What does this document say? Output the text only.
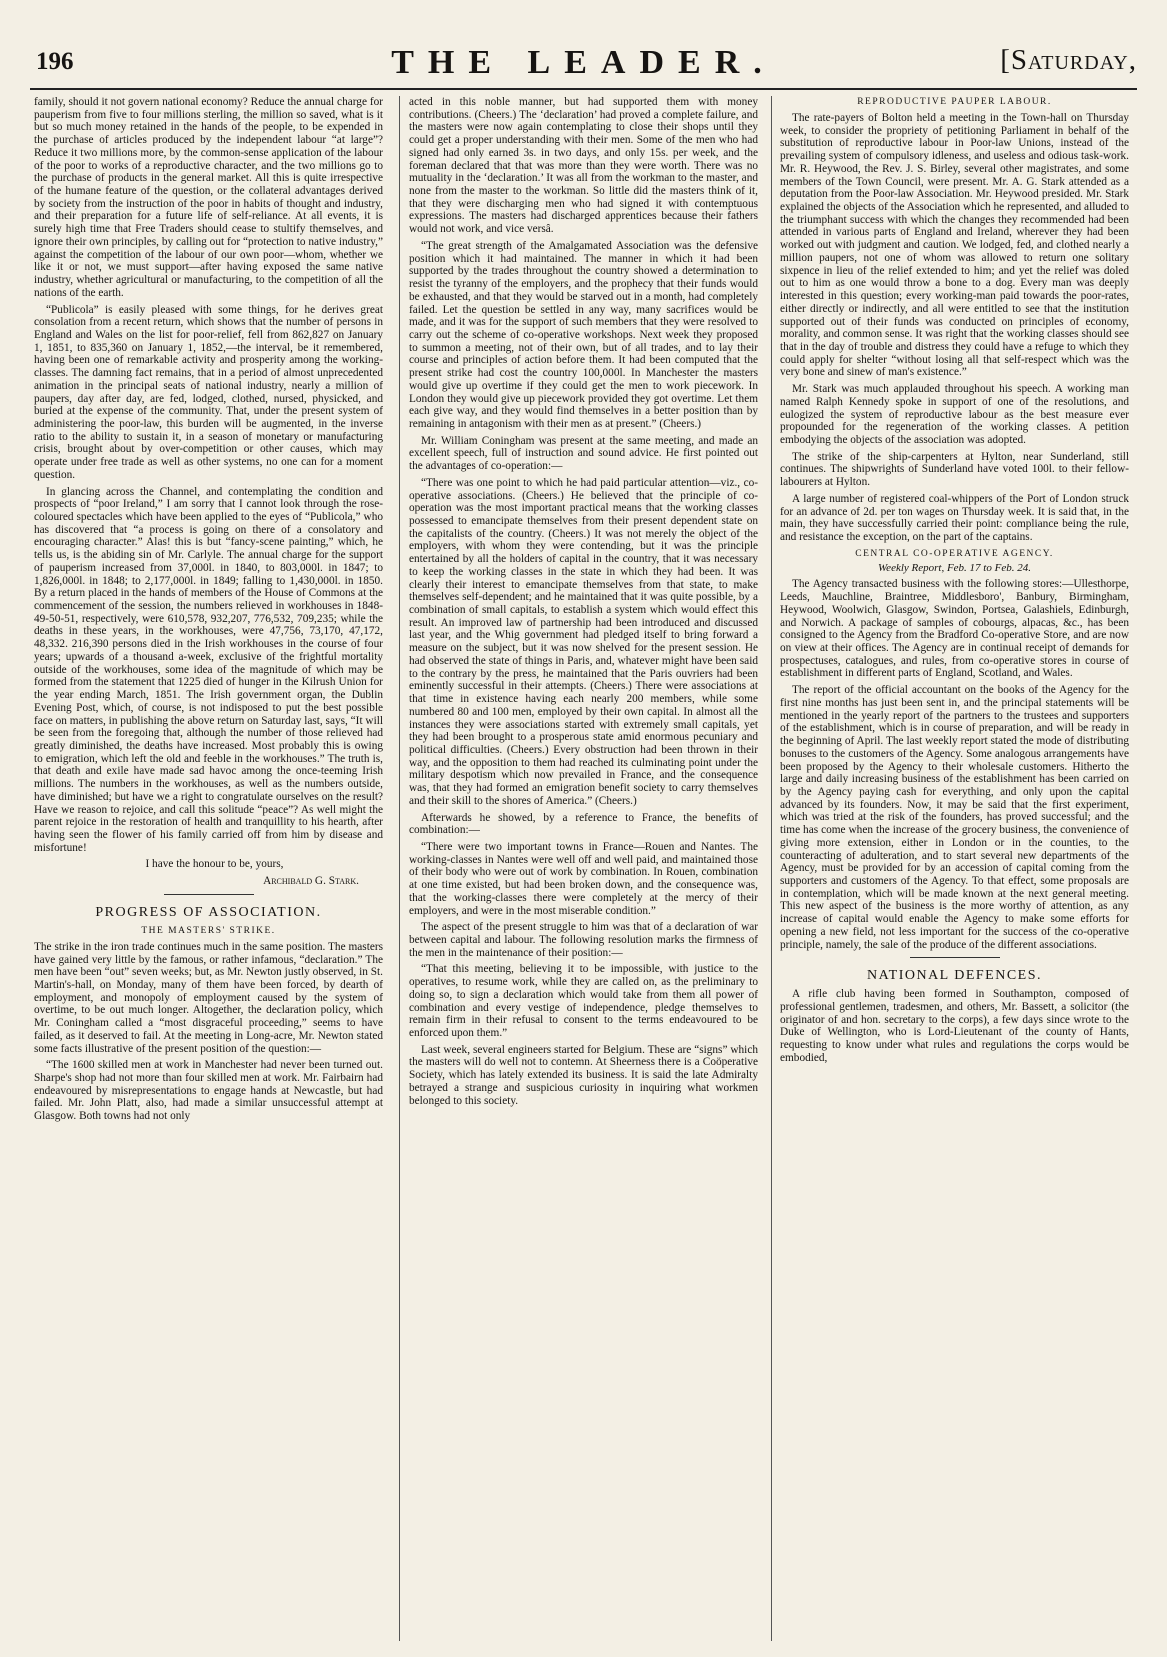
196	THE LEADER.	[Saturday,

family, should it not govern national economy? Reduce the annual charge for pauperism from five to four millions sterling, the million so saved, what is it but so much money retained in the hands of the people, to be expended in the purchase of articles produced by the independent labour “at large”? Reduce it two millions more, by the common-sense application of the labour of the poor to works of a reproductive character, and the two millions go to the purchase of products in the general market. All this is quite irrespective of the humane feature of the question, or the collateral advantages derived by society from the instruction of the poor in habits of thought and industry, and their preparation for a future life of self-reliance. At all events, it is surely high time that Free Traders should cease to stultify themselves, and ignore their own principles, by calling out for “protection to native industry,” against the competition of the labour of our own poor—whom, whether we like it or not, we must support—after having exposed the same native industry, whether agricultural or manufacturing, to the competition of all the nations of the earth.

“Publicola” is easily pleased with some things, for he derives great consolation from a recent return, which shows that the number of persons in England and Wales on the list for poor-relief, fell from 862,827 on January 1, 1851, to 835,360 on January 1, 1852,—the interval, be it remembered, having been one of remarkable activity and prosperity among the working-classes. The damning fact remains, that in a period of almost unprecedented animation in the principal seats of national industry, nearly a million of paupers, day after day, are fed, lodged, clothed, nursed, physicked, and buried at the expense of the community. That, under the present system of administering the poor-law, this burden will be augmented, in the inverse ratio to the ability to sustain it, in a season of monetary or manufacturing crisis, brought about by over-competition or other causes, which may operate under free trade as well as other systems, no one can for a moment question.

In glancing across the Channel, and contemplating the condition and prospects of “poor Ireland,” I am sorry that I cannot look through the rose-coloured spectacles which have been applied to the eyes of “Publicola,” who has discovered that “a process is going on there of a consolatory and encouraging character.” Alas! this is but “fancy-scene painting,” which, he tells us, is the abiding sin of Mr. Carlyle. The annual charge for the support of pauperism increased from 37,000l. in 1840, to 803,000l. in 1847; to 1,826,000l. in 1848; to 2,177,000l. in 1849; falling to 1,430,000l. in 1850. By a return placed in the hands of members of the House of Commons at the commencement of the session, the numbers relieved in workhouses in 1848-49-50-51, respectively, were 610,578, 932,207, 776,532, 709,235; while the deaths in these years, in the workhouses, were 47,756, 73,170, 47,172, 48,332. 216,390 persons died in the Irish workhouses in the course of four years; upwards of a thousand a-week, exclusive of the frightful mortality outside of the workhouses, some idea of the magnitude of which may be formed from the statement that 1225 died of hunger in the Kilrush Union for the year ending March, 1851. The Irish government organ, the Dublin Evening Post, which, of course, is not indisposed to put the best possible face on matters, in publishing the above return on Saturday last, says, “It will be seen from the foregoing that, although the number of those relieved had greatly diminished, the deaths have increased. Most probably this is owing to emigration, which left the old and feeble in the workhouses.” The truth is, that death and exile have made sad havoc among the once-teeming Irish millions. The numbers in the workhouses, as well as the numbers outside, have diminished; but have we a right to congratulate ourselves on the result? Have we reason to rejoice, and call this solitude “peace”? As well might the parent rejoice in the restoration of health and tranquillity to his hearth, after having seen the flower of his family carried off from him by disease and misfortune!

I have the honour to be, yours,

Archibald G. Stark.

PROGRESS OF ASSOCIATION.
THE MASTERS' STRIKE.

The strike in the iron trade continues much in the same position. The masters have gained very little by the famous, or rather infamous, “declaration.” The men have been “out” seven weeks; but, as Mr. Newton justly observed, in St. Martin's-hall, on Monday, many of them have been forced, by dearth of employment, and monopoly of employment caused by the system of overtime, to be out much longer. Altogether, the declaration policy, which Mr. Coningham called a “most disgraceful proceeding,” seems to have failed, as it deserved to fail. At the meeting in Long-acre, Mr. Newton stated some facts illustrative of the present position of the question:—

“The 1600 skilled men at work in Manchester had never been turned out. Sharpe's shop had not more than four skilled men at work. Mr. Fairbairn had endeavoured by misrepresentations to engage hands at Newcastle, but had failed. Mr. John Platt, also, had made a similar unsuccessful attempt at Glasgow. Both towns had not only

acted in this noble manner, but had supported them with money contributions. (Cheers.) The ‘declaration’ had proved a complete failure, and the masters were now again contemplating to close their shops until they could get a proper understanding with their men. Some of the men who had signed had only earned 3s. in two days, and only 15s. per week, and the foreman declared that that was more than they were worth. There was no mutuality in the ‘declaration.’ It was all from the workman to the master, and none from the master to the workman. So little did the masters think of it, that they were discharging men who had signed it with contemptuous expressions. The masters had discharged apprentices because their fathers would not work, and vice versâ.

“The great strength of the Amalgamated Association was the defensive position which it had maintained. The manner in which it had been supported by the trades throughout the country showed a determination to resist the tyranny of the employers, and the prophecy that their funds would be exhausted, and that they would be starved out in a month, had completely failed. Let the question be settled in any way, many sacrifices would be made, and it was for the support of such members that they were resolved to carry out the scheme of co-operative workshops. Next week they proposed to summon a meeting, not of their own, but of all trades, and to lay their course and principles of action before them. It had been computed that the present strike had cost the country 100,000l. In Manchester the masters would give up overtime if they could get the men to work piecework. In London they would give up piecework provided they got overtime. Let them each give way, and they would find themselves in a better position than by remaining in antagonism with their men as at present.” (Cheers.)

Mr. William Coningham was present at the same meeting, and made an excellent speech, full of instruction and sound advice. He first pointed out the advantages of co-operation:—

“There was one point to which he had paid particular attention—viz., co-operative associations. (Cheers.) He believed that the principle of co-operation was the most important practical means that the working classes possessed to emancipate themselves from their present dependent state on the capitalists of the country. (Cheers.) It was not merely the object of the employers, with whom they were contending, but it was the principle entertained by all the holders of capital in the country, that it was necessary to keep the working classes in the state in which they had been. It was clearly their interest to emancipate themselves from that state, to make themselves self-dependent; and he maintained that it was quite possible, by a combination of small capitals, to establish a system which would effect this result. An improved law of partnership had been introduced and discussed last year, and the Whig government had pledged itself to bring forward a measure on the subject, but it was now shelved for the present session. He had observed the state of things in Paris, and, whatever might have been said to the contrary by the press, he maintained that the Paris ouvriers had been eminently successful in their attempts. (Cheers.) There were associations at that time in existence having each nearly 200 members, while some numbered 80 and 100 men, employed by their own capital. In almost all the instances they were associations started with extremely small capitals, yet they had been brought to a prosperous state amid enormous pecuniary and political difficulties. (Cheers.) Every obstruction had been thrown in their way, and the opposition to them had reached its culminating point under the military despotism which now prevailed in France, and the consequence was, that they had formed an emigration benefit society to carry themselves and their skill to the shores of America.” (Cheers.)

Afterwards he showed, by a reference to France, the benefits of combination:—

“There were two important towns in France—Rouen and Nantes. The working-classes in Nantes were well off and well paid, and maintained those of their body who were out of work by combination. In Rouen, combination at one time existed, but had been broken down, and the consequence was, that the working-classes there were completely at the mercy of their employers, and were in the most miserable condition.”

The aspect of the present struggle to him was that of a declaration of war between capital and labour. The following resolution marks the firmness of the men in the maintenance of their position:—

“That this meeting, believing it to be impossible, with justice to the operatives, to resume work, while they are called on, as the preliminary to doing so, to sign a declaration which would take from them all power of combination and every vestige of independence, pledge themselves to remain firm in their refusal to consent to the terms endeavoured to be enforced upon them.”

Last week, several engineers started for Belgium. These are “signs” which the masters will do well not to contemn. At Sheerness there is a Coöperative Society, which has lately extended its business. It is said the late Admiralty betrayed a strange and suspicious curiosity in inquiring what workmen belonged to this society.

REPRODUCTIVE PAUPER LABOUR.

The rate-payers of Bolton held a meeting in the Town-hall on Thursday week, to consider the propriety of petitioning Parliament in behalf of the substitution of reproductive labour in Poor-law Unions, instead of the prevailing system of compulsory idleness, and useless and odious task-work. Mr. R. Heywood, the Rev. J. S. Birley, several other magistrates, and some members of the Town Council, were present. Mr. A. G. Stark attended as a deputation from the Poor-law Association. Mr. Heywood presided. Mr. Stark explained the objects of the Association which he represented, and alluded to the triumphant success with which the changes they recommended had been attended in various parts of England and Ireland, wherever they had been worked out with judgment and caution. We lodged, fed, and clothed nearly a million paupers, not one of whom was allowed to return one solitary sixpence in lieu of the relief extended to him; and yet the relief was doled out to him as one would throw a bone to a dog. Every man was deeply interested in this question; every working-man paid towards the poor-rates, either directly or indirectly, and all were entitled to see that the institution supported out of their funds was conducted on principles of economy, morality, and common sense. It was right that the working classes should see that in the day of trouble and distress they could have a refuge to which they could apply for shelter “without losing all that self-respect which was the very bone and sinew of man's existence.”

Mr. Stark was much applauded throughout his speech. A working man named Ralph Kennedy spoke in support of one of the resolutions, and eulogized the system of reproductive labour as the best measure ever propounded for the regeneration of the working classes. A petition embodying the objects of the association was adopted.

The strike of the ship-carpenters at Hylton, near Sunderland, still continues. The shipwrights of Sunderland have voted 100l. to their fellow-labourers at Hylton.

A large number of registered coal-whippers of the Port of London struck for an advance of 2d. per ton wages on Thursday week. It is said that, in the main, they have successfully carried their point: compliance being the rule, and resistance the exception, on the part of the captains.

CENTRAL CO-OPERATIVE AGENCY.
Weekly Report, Feb. 17 to Feb. 24.

The Agency transacted business with the following stores:—Ullesthorpe, Leeds, Mauchline, Braintree, Middlesboro', Banbury, Birmingham, Heywood, Woolwich, Glasgow, Swindon, Portsea, Galashiels, Edinburgh, and Norwich. A package of samples of cobourgs, alpacas, &c., has been consigned to the Agency from the Bradford Co-operative Store, and are now on view at their offices. The Agency are in continual receipt of demands for prospectuses, catalogues, and rules, from co-operative stores in course of establishment in different parts of England, Scotland, and Wales.

The report of the official accountant on the books of the Agency for the first nine months has just been sent in, and the principal statements will be mentioned in the yearly report of the partners to the trustees and supporters of the establishment, which is in course of preparation, and will be ready in the beginning of April. The last weekly report stated the mode of distributing bonuses to the customers of the Agency. Some analogous arrangements have been proposed by the Agency to their wholesale customers. Hitherto the large and daily increasing business of the establishment has been carried on by the Agency paying cash for everything, and only upon the capital advanced by its founders. Now, it may be said that the first experiment, which was tried at the risk of the founders, has proved successful; and the time has come when the increase of the grocery business, the convenience of giving more extension, either in London or in the counties, to the counteracting of adulteration, and to start several new departments of the Agency, must be provided for by an accession of capital coming from the supporters and customers of the Agency. To that effect, some proposals are in contemplation, which will be made known at the next general meeting. This new aspect of the business is the more worthy of attention, as any increase of capital would enable the Agency to make some efforts for opening a new field, not less important for the success of the co-operative principle, namely, the sale of the produce of the different associations.

NATIONAL DEFENCES.

A rifle club having been formed in Southampton, composed of professional gentlemen, tradesmen, and others, Mr. Bassett, a solicitor (the originator of and hon. secretary to the corps), a few days since wrote to the Duke of Wellington, who is Lord-Lieutenant of the county of Hants, requesting to know under what rules and regulations the corps would be embodied,
